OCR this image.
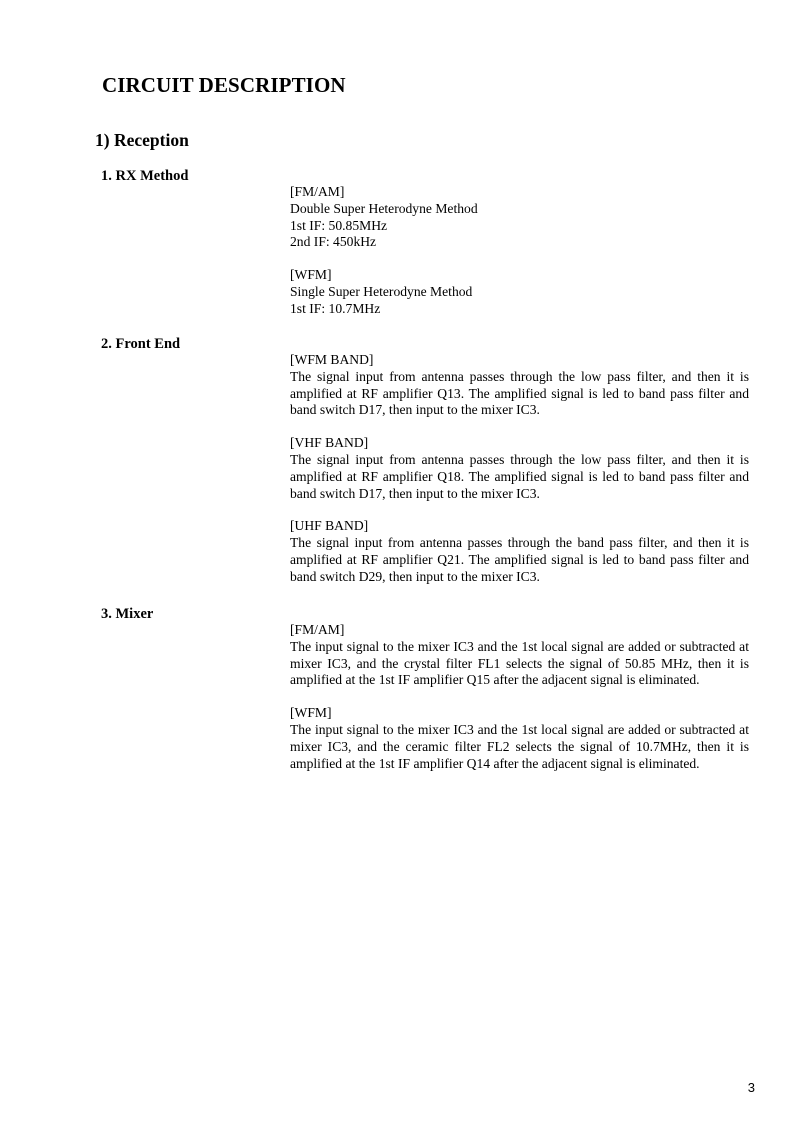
CIRCUIT DESCRIPTION
1) Reception
1. RX Method
[FM/AM]
Double Super Heterodyne Method
1st IF: 50.85MHz
2nd IF: 450kHz
[WFM]
Single Super Heterodyne Method
1st IF: 10.7MHz
2. Front End
[WFM BAND]
The signal input from antenna passes through the low pass filter, and then it is amplified at RF amplifier Q13. The amplified signal is led to band pass filter and band switch D17, then input to the mixer IC3.
[VHF BAND]
The signal input from antenna passes through the low pass filter, and then it is amplified at RF amplifier Q18. The amplified signal is led to band pass filter and band switch D17, then input to the mixer IC3.
[UHF BAND]
The signal input from antenna passes through the band pass filter, and then it is amplified at RF amplifier Q21. The amplified signal is led to band pass filter and band switch D29, then input to the mixer IC3.
3. Mixer
[FM/AM]
The input signal to the mixer IC3 and the 1st local signal are added or subtracted at mixer IC3, and the crystal filter FL1 selects the signal of 50.85 MHz, then it is amplified at the 1st IF amplifier Q15 after the adjacent signal is eliminated.
[WFM]
The input signal to the mixer IC3 and the 1st local signal are added or subtracted at mixer IC3, and the ceramic filter FL2 selects the signal of 10.7MHz, then it is amplified at the 1st IF amplifier Q14 after the adjacent signal is eliminated.
3
